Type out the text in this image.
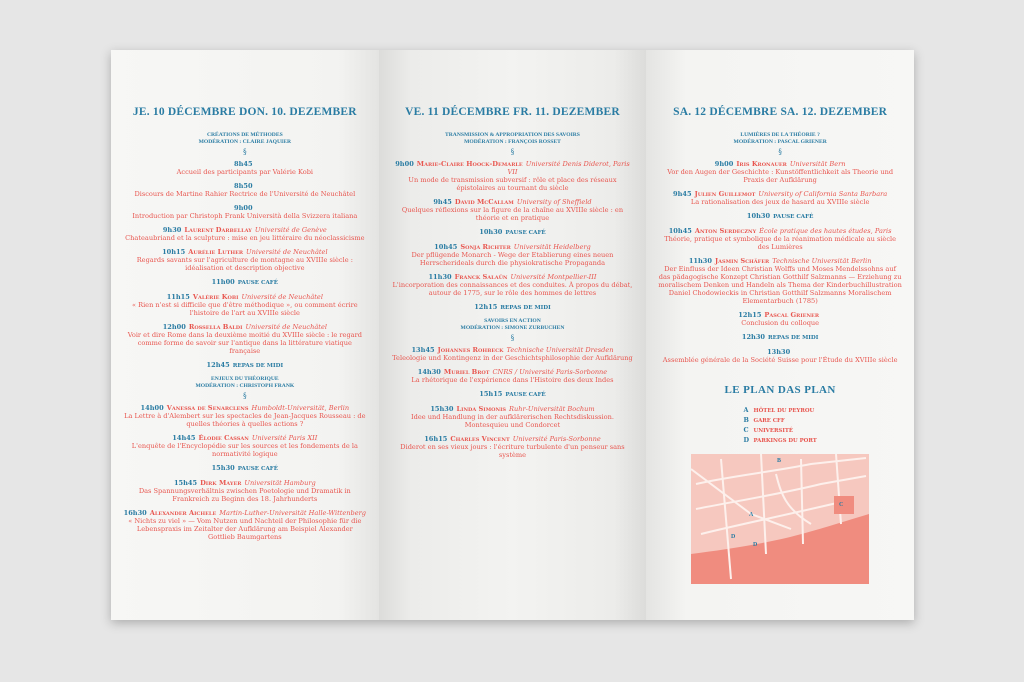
JE. 10 DÉCEMBRE DON. 10. DEZEMBER
CRÉATIONS DE MÉTHODES
MODÉRATION : CLAIRE JAQUIER
§
8h45
Accueil des participants par Valérie Kobi
8h50
Discours de Martine Rahier Rectrice de l'Université de Neuchâtel
9h00
Introduction par Christoph Frank Università della Svizzera italiana
9h30 Laurent Darbellay Université de Genève
Chateaubriand et la sculpture : mise en jeu littéraire du néoclassicisme
10h15 Aurélie Luther Université de Neuchâtel
Regards savants sur l'agriculture de montagne au XVIIIe siècle : idéalisation et description objective
11h00 PAUSE CAFÉ
11h15 Valérie Kobi Université de Neuchâtel
« Rien n'est si difficile que d'être méthodique », ou comment écrire l'histoire de l'art au XVIIIe siècle
12h00 Rossella Baldi Université de Neuchâtel
Voir et dire Rome dans la deuxième moitié du XVIIIe siècle : le regard comme forme de savoir sur l'antique dans la littérature viatique française
12h45 REPAS DE MIDI
ENJEUX DU THÉORIQUE
MODÉRATION : CHRISTOPH FRANK
§
14h00 Vanessa de Senarclens Humboldt-Universität, Berlin
La Lettre à d'Alembert sur les spectacles de Jean-Jacques Rousseau : de quelles théories à quelles actions ?
14h45 Élodie Cassan Université Paris XII
L'enquête de l'Encyclopédie sur les sources et les fondements de la normativité logique
15h30 PAUSE CAFÉ
15h45 Dirk Mayer Universität Hamburg
Das Spannungsverhältnis zwischen Poetologie und Dramatik in Frankreich zu Beginn des 18. Jahrhunderts
16h30 Alexander Aichele Martin-Luther-Universität Halle-Wittenberg
« Nichts zu viel » — Vom Nutzen und Nachteil der Philosophie für die Lebenspraxis im Zeitalter der Aufklärung am Beispiel Alexander Gottlieb Baumgartens
VE. 11 DÉCEMBRE FR. 11. DEZEMBER
TRANSMISSION & APPROPRIATION DES SAVOIRS
MODÉRATION : FRANÇOIS ROSSET
§
9h00 Marie-Claire Hoock-Demarle Université Denis Diderot, Paris VII
Un mode de transmission subversif : rôle et place des réseaux épistolaires au tournant du siècle
9h45 David McCallam University of Sheffield
Quelques réflexions sur la figure de la chaîne au XVIIIe siècle : en théorie et en pratique
10h30 PAUSE CAFÉ
10h45 Sonja Richter Universität Heidelberg
Der pflügende Monarch - Wege der Etablierung eines neuen Herrscherideals durch die physiokratische Propaganda
11h30 Franck Salaün Université Montpellier-III
L'incorporation des connaissances et des conduites. À propos du débat, autour de 1775, sur le rôle des hommes de lettres
12h15 REPAS DE MIDI
SAVOIRS EN ACTION
MODÉRATION : SIMONE ZURBUCHEN
§
13h45 Johannes Rohbeck Technische Universität Dresden
Teleologie und Kontingenz in der Geschichtsphilosophie der Aufklärung
14h30 Muriel Brot CNRS / Université Paris-Sorbonne
La rhétorique de l'expérience dans l'Histoire des deux Indes
15h15 PAUSE CAFÉ
15h30 Linda Simonis Ruhr-Universität Bochum
Idee und Handlung in der aufklärerischen Rechtsdiskussion. Montesquieu und Condorcet
16h15 Charles Vincent Université Paris-Sorbonne
Diderot en ses vieux jours : l'écriture turbulente d'un penseur sans système
SA. 12 DÉCEMBRE SA. 12. DEZEMBER
LUMIÈRES DE LA THÉORIE ?
MODÉRATION : PASCAL GRIENER
§
9h00 Iris Kronauer Universität Bern
Vor den Augen der Geschichte : Kunstöffentlichkeit als Theorie und Praxis der Aufklärung
9h45 Julien Guillemot University of California Santa Barbara
La rationalisation des jeux de hasard au XVIIIe siècle
10h30 PAUSE CAFÉ
10h45 Anton Serdeczny École pratique des hautes études, Paris
Théorie, pratique et symbolique de la réanimation médicale au siècle des Lumières
11h30 Jasmin Schäfer Technische Universität Berlin
Der Einfluss der Ideen Christian Wolffs und Moses Mendelssohns auf das pädagogische Konzept Christian Gotthilf Salzmanns — Erziehung zu moralischem Denken und Handeln als Thema der Kinderbuchillustration Daniel Chodowieckis in Christian Gotthilf Salzmanns Moralischem Elementarbuch (1785)
12h15 Pascal Griener
Conclusion du colloque
12h30 REPAS DE MIDI
13h30
Assemblée générale de la Société Suisse pour l'Étude du XVIIIe siècle
LE PLAN DAS PLAN
A HÔTEL DU PEYROU
B GARE CFF
C UNIVERSITÉ
D PARKINGS DU PORT
B
A
C
D
D
